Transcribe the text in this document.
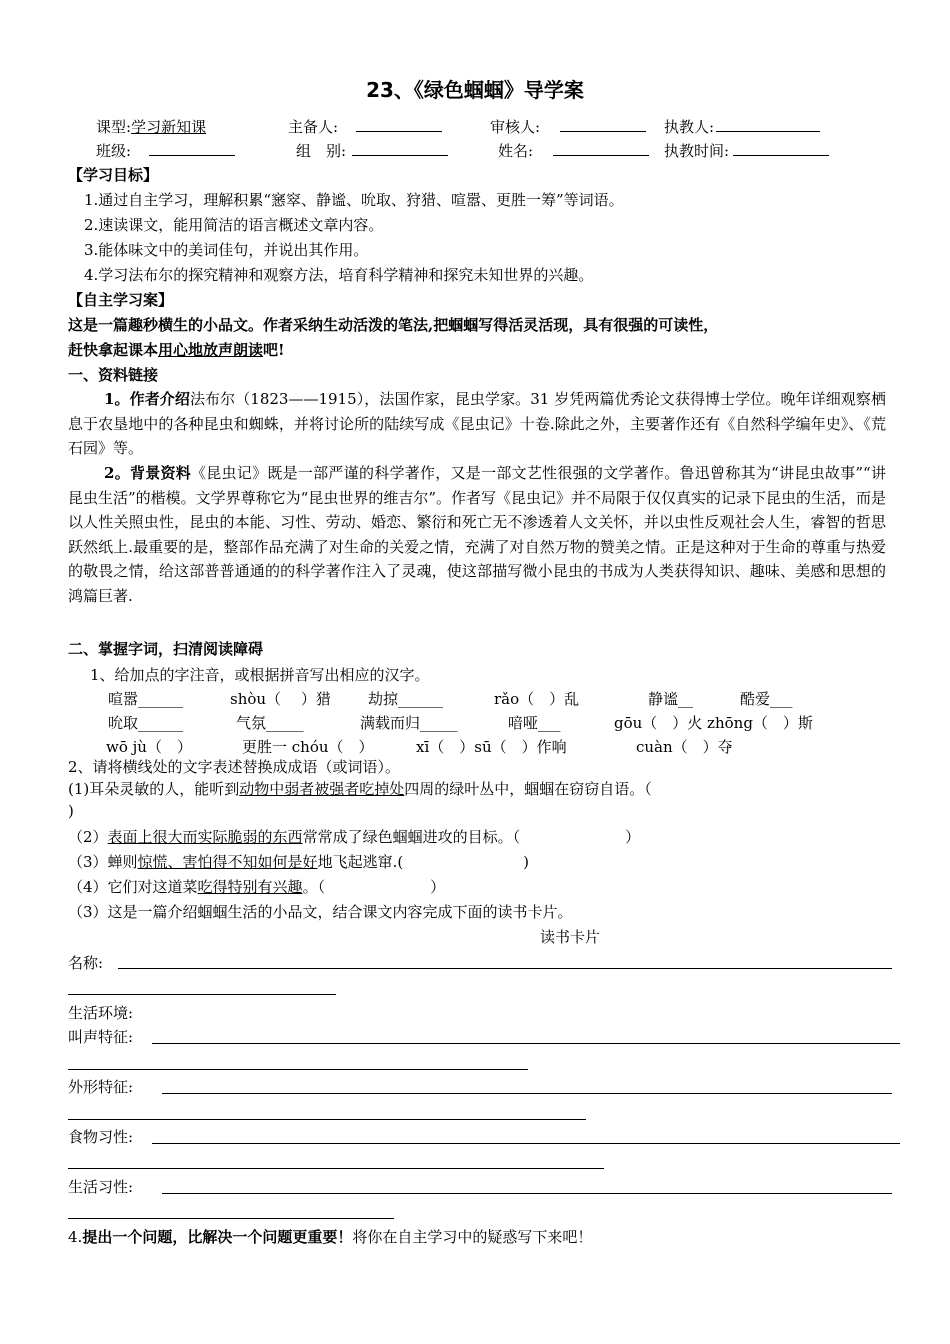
23、《绿色蝈蝈》导学案
课型:学习新知课	主备人:	审核人:	执教人:
班级:	组　别:	姓名:	执教时间:
【学习目标】
1.通过自主学习，理解积累“窸窣、静谧、吮取、狩猎、喧嚣、更胜一筹”等词语。
2.速读课文，能用简洁的语言概述文章内容。
3.能体味文中的美词佳句，并说出其作用。
4.学习法布尔的探究精神和观察方法，培育科学精神和探究未知世界的兴趣。
【自主学习案】
这是一篇趣秒横生的小品文。作者采纳生动活泼的笔法,把蝈蝈写得活灵活现，具有很强的可读性，
赶快拿起课本用心地放声朗读吧!
一、资料链接
1。作者介绍法布尔（1823——1915），法国作家，昆虫学家。31 岁凭两篇优秀论文获得博士学位。晚年详细观察栖息于农垦地中的各种昆虫和蜘蛛，并将讨论所的陆续写成《昆虫记》十卷.除此之外，主要著作还有《自然科学编年史》、《荒石园》等。
2。背景资料《昆虫记》既是一部严谨的科学著作，又是一部文艺性很强的文学著作。鲁迅曾称其为“讲昆虫故事”“讲昆虫生活”的楷模。文学界尊称它为“昆虫世界的维吉尔”。作者写《昆虫记》并不局限于仅仅真实的记录下昆虫的生活，而是以人性关照虫性，昆虫的本能、习性、劳动、婚恋、繁衍和死亡无不渗透着人文关怀，并以虫性反观社会人生，睿智的哲思跃然纸上.最重要的是，整部作品充满了对生命的关爱之情，充满了对自然万物的赞美之情。正是这种对于生命的尊重与热爱的敬畏之情，给这部普普通通的的科学著作注入了灵魂，使这部描写微小昆虫的书成为人类获得知识、趣味、美感和思想的鸿篇巨著.
二、掌握字词，扫清阅读障碍
1、给加点的字注音，或根据拼音写出相应的汉字。
喧嚣______	shòu（　 ）猎 劫掠______	rǎo（　）乱	静谧__	酷爱___
吮取______	气氛_____	满载而归_____	喑哑___	gōu（　）火 zhōng（　）斯
wō jù（　）	更胜一 chóu（　）	xī（　）sū（　）作响	cuàn（　）夺
2、请将横线处的文字表述替换成成语（或词语）。
(1)耳朵灵敏的人，能听到动物中弱者被强者吃掉处四周的绿叶丛中，蝈蝈在窃窃自语。（
)
（2）表面上很大而实际脆弱的东西常常成了绿色蝈蝈进攻的目标。（　　　　　　　）
（3）蝉则惊慌、害怕得不知如何是好地飞起逃窜.(　　　　　　　　)
（4）它们对这道菜吃得特别有兴趣。（　　　　　　　）
（3）这是一篇介绍蝈蝈生活的小品文，结合课文内容完成下面的读书卡片。
读书卡片
名称:
生活环境:
叫声特征:
外形特征:
食物习性:
生活习性:
4.提出一个问题，比解决一个问题更重要！将你在自主学习中的疑惑写下来吧！
